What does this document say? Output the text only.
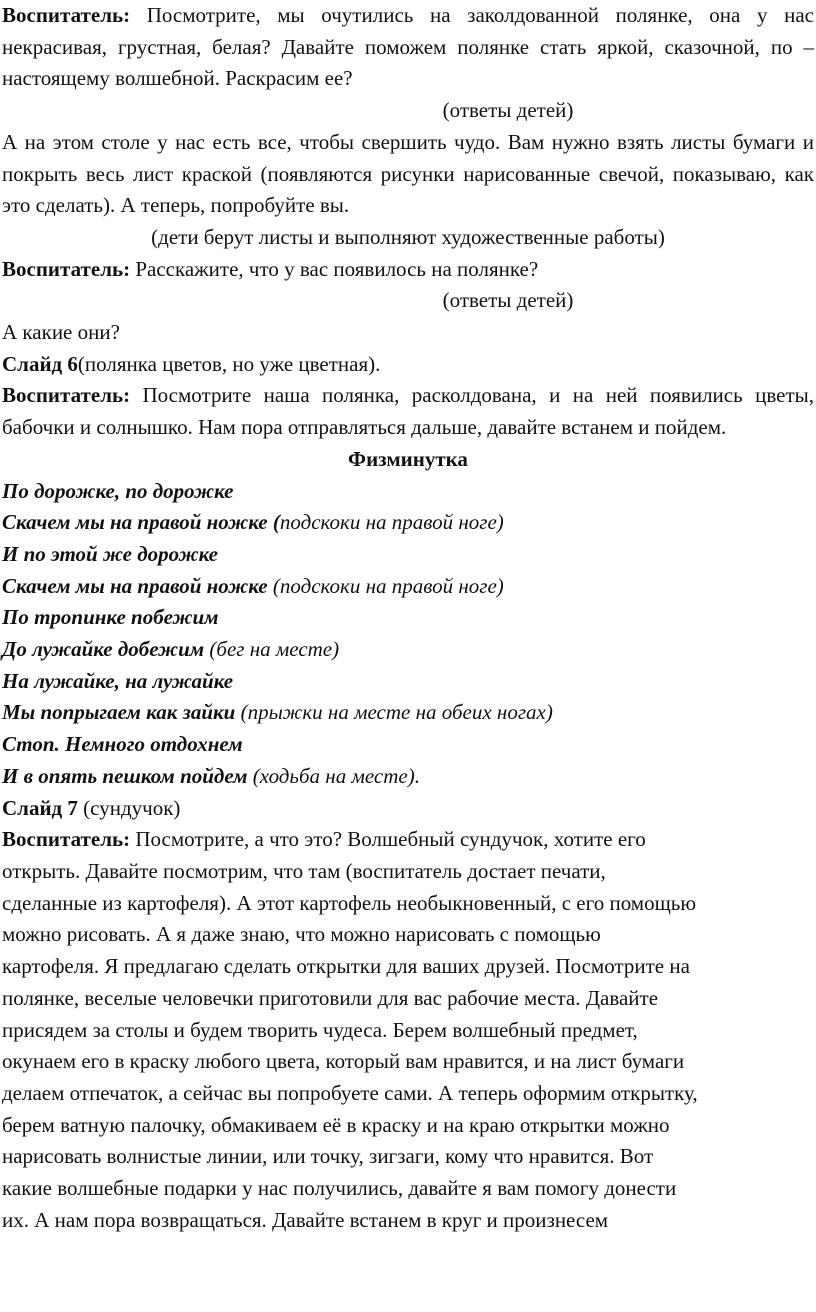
Воспитатель: Посмотрите, мы очутились на заколдованной полянке, она у нас некрасивая, грустная, белая? Давайте поможем полянке стать яркой, сказочной, по – настоящему волшебной. Раскрасим ее?

(ответы детей)

А на этом столе у нас есть все, чтобы свершить чудо. Вам нужно взять листы бумаги и покрыть весь лист краской (появляются рисунки нарисованные свечой, показываю, как это сделать). А теперь, попробуйте вы.

(дети берут листы и выполняют художественные работы)

Воспитатель: Расскажите, что у вас появилось на полянке?

(ответы детей)

А какие они?

Слайд 6(полянка цветов, но уже цветная).

Воспитатель: Посмотрите наша полянка, расколдована, и на ней появились цветы, бабочки и солнышко. Нам пора отправляться дальше, давайте встанем и пойдем.

Физминутка

По дорожке, по дорожке

Скачем мы на правой ножке (подскоки на правой ноге)

И по этой же дорожке

Скачем мы на правой ножке (подскоки на правой ноге)

По тропинке побежим

До лужайке добежим (бег на месте)

На лужайке, на лужайке

Мы попрыгаем как зайки (прыжки на месте на обеих ногах)

Стоп. Немного отдохнем

И в опять пешком пойдем (ходьба на месте).

Слайд 7 (сундучок)

Воспитатель: Посмотрите, а что это? Волшебный сундучок, хотите его

открыть. Давайте посмотрим, что там (воспитатель достает печати,

сделанные из картофеля). А этот картофель необыкновенный, с его помощью

можно рисовать. А я даже знаю, что можно нарисовать с помощью

картофеля. Я предлагаю сделать открытки для ваших друзей. Посмотрите на

полянке, веселые человечки приготовили для вас рабочие места. Давайте

присядем за столы и будем творить чудеса. Берем волшебный предмет,

окунаем его в краску любого цвета, который вам нравится, и на лист бумаги

делаем отпечаток, а сейчас вы попробуете сами. А теперь оформим открытку,

берем ватную палочку, обмакиваем её в краску и на краю открытки можно

нарисовать волнистые линии, или точку, зигзаги, кому что нравится. Вот

какие волшебные подарки у нас получились, давайте я вам помогу донести

их. А нам пора возвращаться. Давайте встанем в круг и произнесем
